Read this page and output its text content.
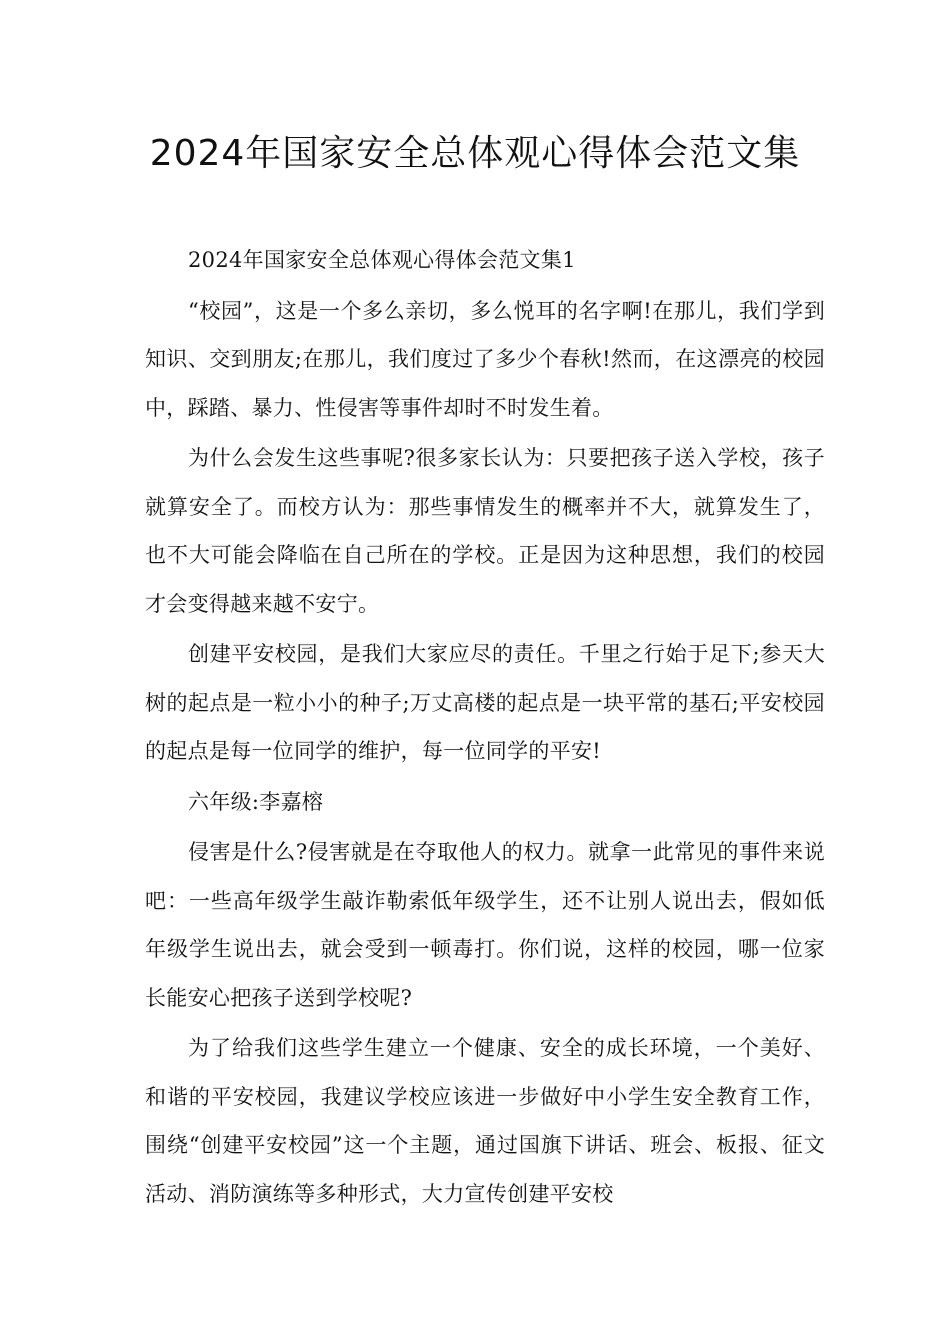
2024年国家安全总体观心得体会范文集

2024年国家安全总体观心得体会范文集1

“校园”，这是一个多么亲切，多么悦耳的名字啊!在那儿，我们学到知识、交到朋友;在那儿，我们度过了多少个春秋!然而，在这漂亮的校园中，踩踏、暴力、性侵害等事件却时不时发生着。

为什么会发生这些事呢?很多家长认为：只要把孩子送入学校，孩子就算安全了。而校方认为：那些事情发生的概率并不大，就算发生了，也不大可能会降临在自己所在的学校。正是因为这种思想，我们的校园才会变得越来越不安宁。

创建平安校园，是我们大家应尽的责任。千里之行始于足下;参天大树的起点是一粒小小的种子;万丈高楼的起点是一块平常的基石;平安校园的起点是每一位同学的维护，每一位同学的平安!

六年级:李嘉榕

侵害是什么?侵害就是在夺取他人的权力。就拿一此常见的事件来说吧：一些高年级学生敲诈勒索低年级学生，还不让别人说出去，假如低年级学生说出去，就会受到一顿毒打。你们说，这样的校园，哪一位家长能安心把孩子送到学校呢?

为了给我们这些学生建立一个健康、安全的成长环境，一个美好、和谐的平安校园，我建议学校应该进一步做好中小学生安全教育工作，围绕“创建平安校园”这一个主题，通过国旗下讲话、班会、板报、征文活动、消防演练等多种形式，大力宣传创建平安校
